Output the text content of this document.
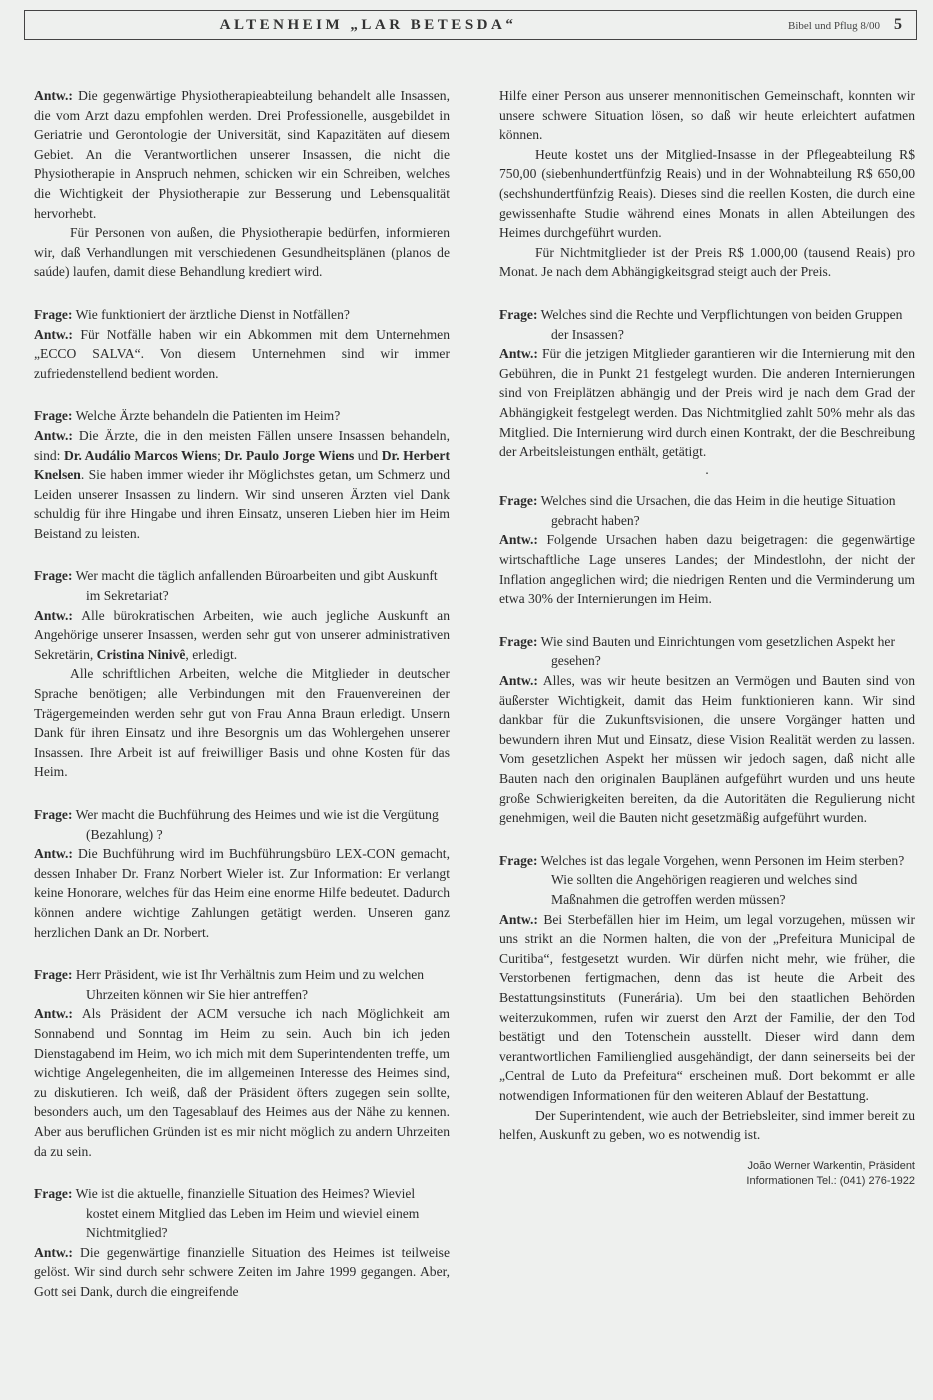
ALTENHEIM „LAR BETESDA“	Bibel und Pflug 8/00 5

Antw.: Die gegenwärtige Physiotherapieabteilung behandelt alle Insassen, die vom Arzt dazu empfohlen werden. Drei Professionelle, ausgebildet in Geriatrie und Gerontologie der Universität, sind Kapazitäten auf diesem Gebiet. An die Verantwortlichen unserer Insassen, die nicht die Physiotherapie in Anspruch nehmen, schicken wir ein Schreiben, welches die Wichtigkeit der Physiotherapie zur Besserung und Lebensqualität hervorhebt.

Für Personen von außen, die Physiotherapie bedürfen, informieren wir, daß Verhandlungen mit verschiedenen Gesundheitsplänen (planos de saúde) laufen, damit diese Behandlung krediert wird.

Frage: Wie funktioniert der ärztliche Dienst in Notfällen?

Antw.: Für Notfälle haben wir ein Abkommen mit dem Unternehmen „ECCO SALVA“. Von diesem Unternehmen sind wir immer zufriedenstellend bedient worden.

Frage: Welche Ärzte behandeln die Patienten im Heim?

Antw.: Die Ärzte, die in den meisten Fällen unsere Insassen behandeln, sind: Dr. Audálio Marcos Wiens; Dr. Paulo Jorge Wiens und Dr. Herbert Knelsen. Sie haben immer wieder ihr Möglichstes getan, um Schmerz und Leiden unserer Insassen zu lindern. Wir sind unseren Ärzten viel Dank schuldig für ihre Hingabe und ihren Einsatz, unseren Lieben hier im Heim Beistand zu leisten.

Frage: Wer macht die täglich anfallenden Büroarbeiten und gibt Auskunft im Sekretariat?

Antw.: Alle bürokratischen Arbeiten, wie auch jegliche Auskunft an Angehörige unserer Insassen, werden sehr gut von unserer administrativen Sekretärin, Cristina Ninivê, erledigt.

Alle schriftlichen Arbeiten, welche die Mitglieder in deutscher Sprache benötigen; alle Verbindungen mit den Frauenvereinen der Trägergemeinden werden sehr gut von Frau Anna Braun erledigt. Unsern Dank für ihren Einsatz und ihre Besorgnis um das Wohlergehen unserer Insassen. Ihre Arbeit ist auf freiwilliger Basis und ohne Kosten für das Heim.

Frage: Wer macht die Buchführung des Heimes und wie ist die Vergütung (Bezahlung) ?

Antw.: Die Buchführung wird im Buchführungsbüro LEX-CON gemacht, dessen Inhaber Dr. Franz Norbert Wieler ist. Zur Information: Er verlangt keine Honorare, welches für das Heim eine enorme Hilfe bedeutet. Dadurch können andere wichtige Zahlungen getätigt werden. Unseren ganz herzlichen Dank an Dr. Norbert.

Frage: Herr Präsident, wie ist Ihr Verhältnis zum Heim und zu welchen Uhrzeiten können wir Sie hier antreffen?

Antw.: Als Präsident der ACM versuche ich nach Möglichkeit am Sonnabend und Sonntag im Heim zu sein. Auch bin ich jeden Dienstagabend im Heim, wo ich mich mit dem Superintendenten treffe, um wichtige Angelegenheiten, die im allgemeinen Interesse des Heimes sind, zu diskutieren. Ich weiß, daß der Präsident öfters zugegen sein sollte, besonders auch, um den Tagesablauf des Heimes aus der Nähe zu kennen. Aber aus beruflichen Gründen ist es mir nicht möglich zu andern Uhrzeiten da zu sein.

Frage: Wie ist die aktuelle, finanzielle Situation des Heimes? Wieviel kostet einem Mitglied das Leben im Heim und wieviel einem Nichtmitglied?

Antw.: Die gegenwärtige finanzielle Situation des Heimes ist teilweise gelöst. Wir sind durch sehr schwere Zeiten im Jahre 1999 gegangen. Aber, Gott sei Dank, durch die eingreifende

Hilfe einer Person aus unserer mennonitischen Gemeinschaft, konnten wir unsere schwere Situation lösen, so daß wir heute erleichtert aufatmen können.

Heute kostet uns der Mitglied-Insasse in der Pflegeabteilung R$ 750,00 (siebenhundertfünfzig Reais) und in der Wohnabteilung R$ 650,00 (sechshundertfünfzig Reais). Dieses sind die reellen Kosten, die durch eine gewissenhafte Studie während eines Monats in allen Abteilungen des Heimes durchgeführt wurden.

Für Nichtmitglieder ist der Preis R$ 1.000,00 (tausend Reais) pro Monat. Je nach dem Abhängigkeitsgrad steigt auch der Preis.

Frage: Welches sind die Rechte und Verpflichtungen von beiden Gruppen der Insassen?

Antw.: Für die jetzigen Mitglieder garantieren wir die Internierung mit den Gebühren, die in Punkt 21 festgelegt wurden. Die anderen Internierungen sind von Freiplätzen abhängig und der Preis wird je nach dem Grad der Abhängigkeit festgelegt werden. Das Nichtmitglied zahlt 50% mehr als das Mitglied. Die Internierung wird durch einen Kontrakt, der die Beschreibung der Arbeitsleistungen enthält, getätigt.

·

Frage: Welches sind die Ursachen, die das Heim in die heutige Situation gebracht haben?

Antw.: Folgende Ursachen haben dazu beigetragen: die gegenwärtige wirtschaftliche Lage unseres Landes; der Mindestlohn, der nicht der Inflation angeglichen wird; die niedrigen Renten und die Verminderung um etwa 30% der Internierungen im Heim.

Frage: Wie sind Bauten und Einrichtungen vom gesetzlichen Aspekt her gesehen?

Antw.: Alles, was wir heute besitzen an Vermögen und Bauten sind von äußerster Wichtigkeit, damit das Heim funktionieren kann. Wir sind dankbar für die Zukunftsvisionen, die unsere Vorgänger hatten und bewundern ihren Mut und Einsatz, diese Vision Realität werden zu lassen. Vom gesetzlichen Aspekt her müssen wir jedoch sagen, daß nicht alle Bauten nach den originalen Bauplänen aufgeführt wurden und uns heute große Schwierigkeiten bereiten, da die Autoritäten die Regulierung nicht genehmigen, weil die Bauten nicht gesetzmäßig aufgeführt wurden.

Frage: Welches ist das legale Vorgehen, wenn Personen im Heim sterben? Wie sollten die Angehörigen reagieren und welches sind Maßnahmen die getroffen werden müssen?

Antw.: Bei Sterbefällen hier im Heim, um legal vorzugehen, müssen wir uns strikt an die Normen halten, die von der „Prefeitura Municipal de Curitiba“, festgesetzt wurden. Wir dürfen nicht mehr, wie früher, die Verstorbenen fertigmachen, denn das ist heute die Arbeit des Bestattungsinstituts (Funerária). Um bei den staatlichen Behörden weiterzukommen, rufen wir zuerst den Arzt der Familie, der den Tod bestätigt und den Totenschein ausstellt. Dieser wird dann dem verantwortlichen Familienglied ausgehändigt, der dann seinerseits bei der „Central de Luto da Prefeitura“ erscheinen muß. Dort bekommt er alle notwendigen Informationen für den weiteren Ablauf der Bestattung.

Der Superintendent, wie auch der Betriebsleiter, sind immer bereit zu helfen, Auskunft zu geben, wo es notwendig ist.

João Werner Warkentin, Präsident
Informationen Tel.: (041) 276-1922
